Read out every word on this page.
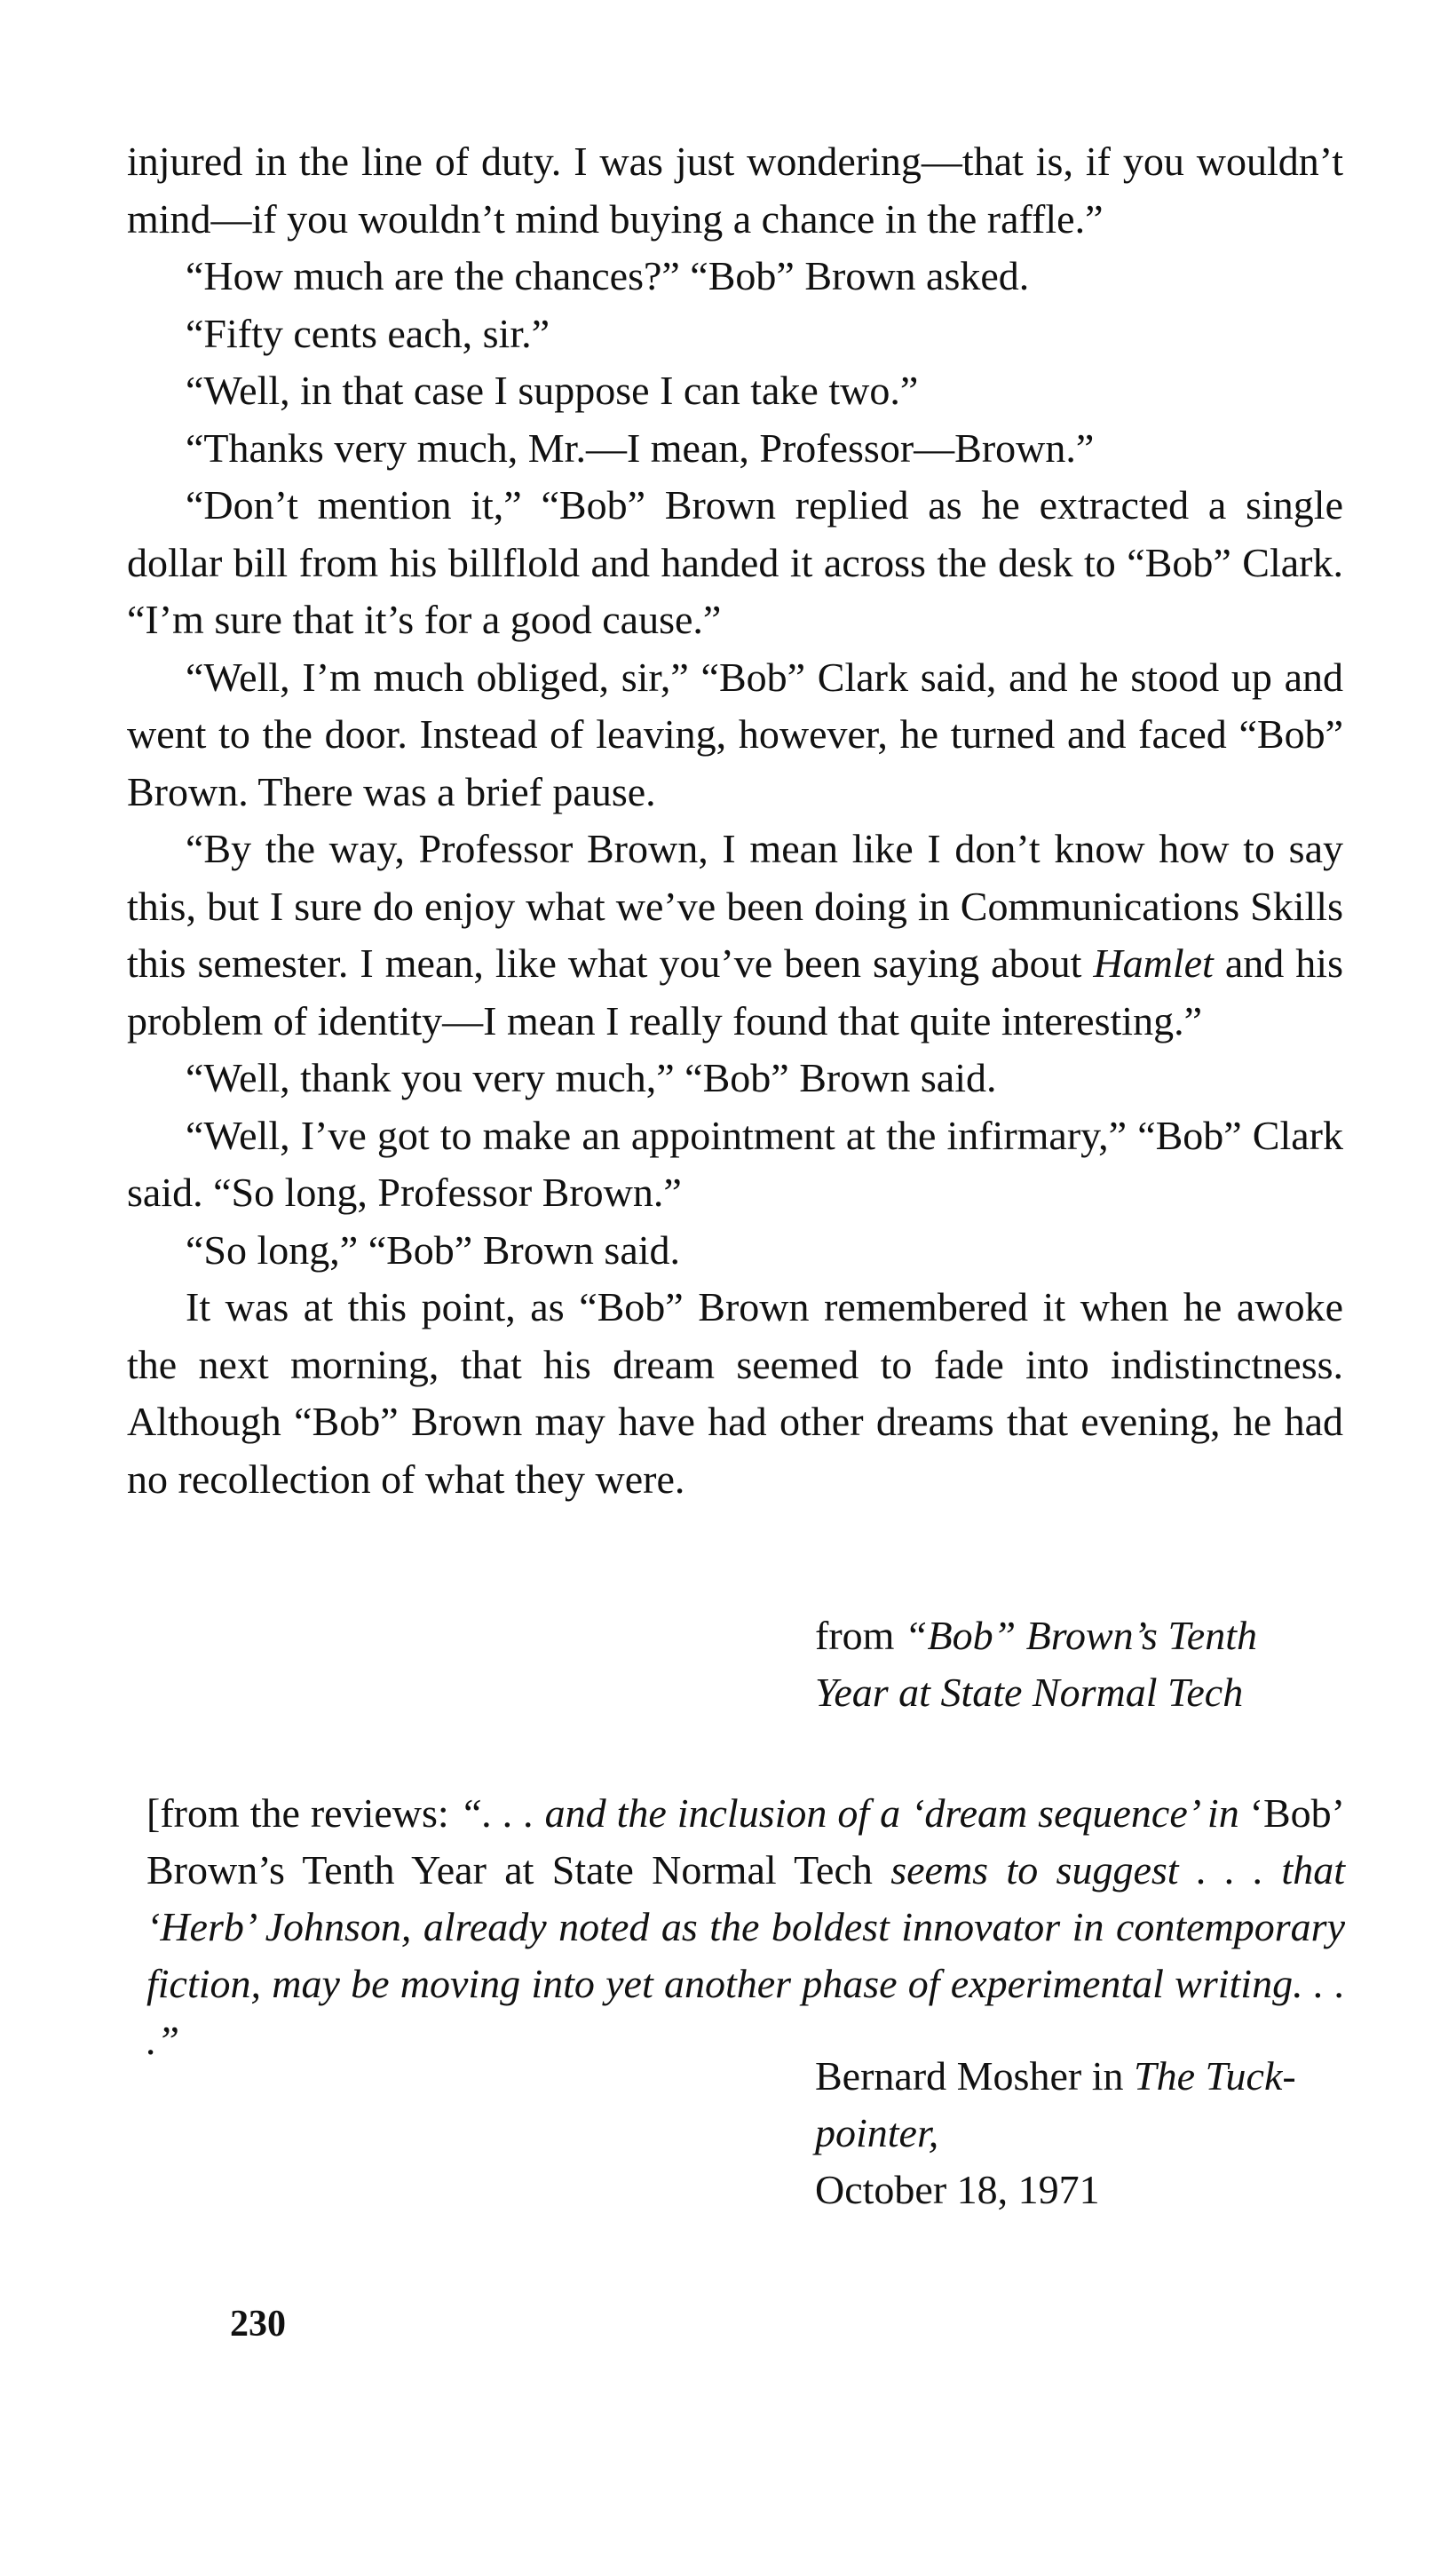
injured in the line of duty. I was just wondering—that is, if you wouldn’t mind—if you wouldn’t mind buying a chance in the raffle.”

“How much are the chances?” “Bob” Brown asked.

“Fifty cents each, sir.”

“Well, in that case I suppose I can take two.”

“Thanks very much, Mr.—I mean, Professor—Brown.”

“Don’t mention it,” “Bob” Brown replied as he extracted a single dollar bill from his billflold and handed it across the desk to “Bob” Clark. “I’m sure that it’s for a good cause.”

“Well, I’m much obliged, sir,” “Bob” Clark said, and he stood up and went to the door. Instead of leaving, however, he turned and faced “Bob” Brown. There was a brief pause.

“By the way, Professor Brown, I mean like I don’t know how to say this, but I sure do enjoy what we’ve been doing in Communications Skills this semester. I mean, like what you’ve been saying about Hamlet and his problem of identity—I mean I really found that quite interesting.”

“Well, thank you very much,” “Bob” Brown said.

“Well, I’ve got to make an appointment at the infirmary,” “Bob” Clark said. “So long, Professor Brown.”

“So long,” “Bob” Brown said.

It was at this point, as “Bob” Brown remembered it when he awoke the next morning, that his dream seemed to fade into indistinctness. Although “Bob” Brown may have had other dreams that evening, he had no recollection of what they were.

from “Bob” Brown’s Tenth
Year at State Normal Tech

[from the reviews: “. . . and the inclusion of a ‘dream sequence’ in ‘Bob’ Brown’s Tenth Year at State Normal Tech seems to suggest . . . that ‘Herb’ Johnson, already noted as the boldest innovator in contemporary fiction, may be moving into yet another phase of experimental writing. . . .”

Bernard Mosher in The Tuck-
pointer,
October 18, 1971
230
